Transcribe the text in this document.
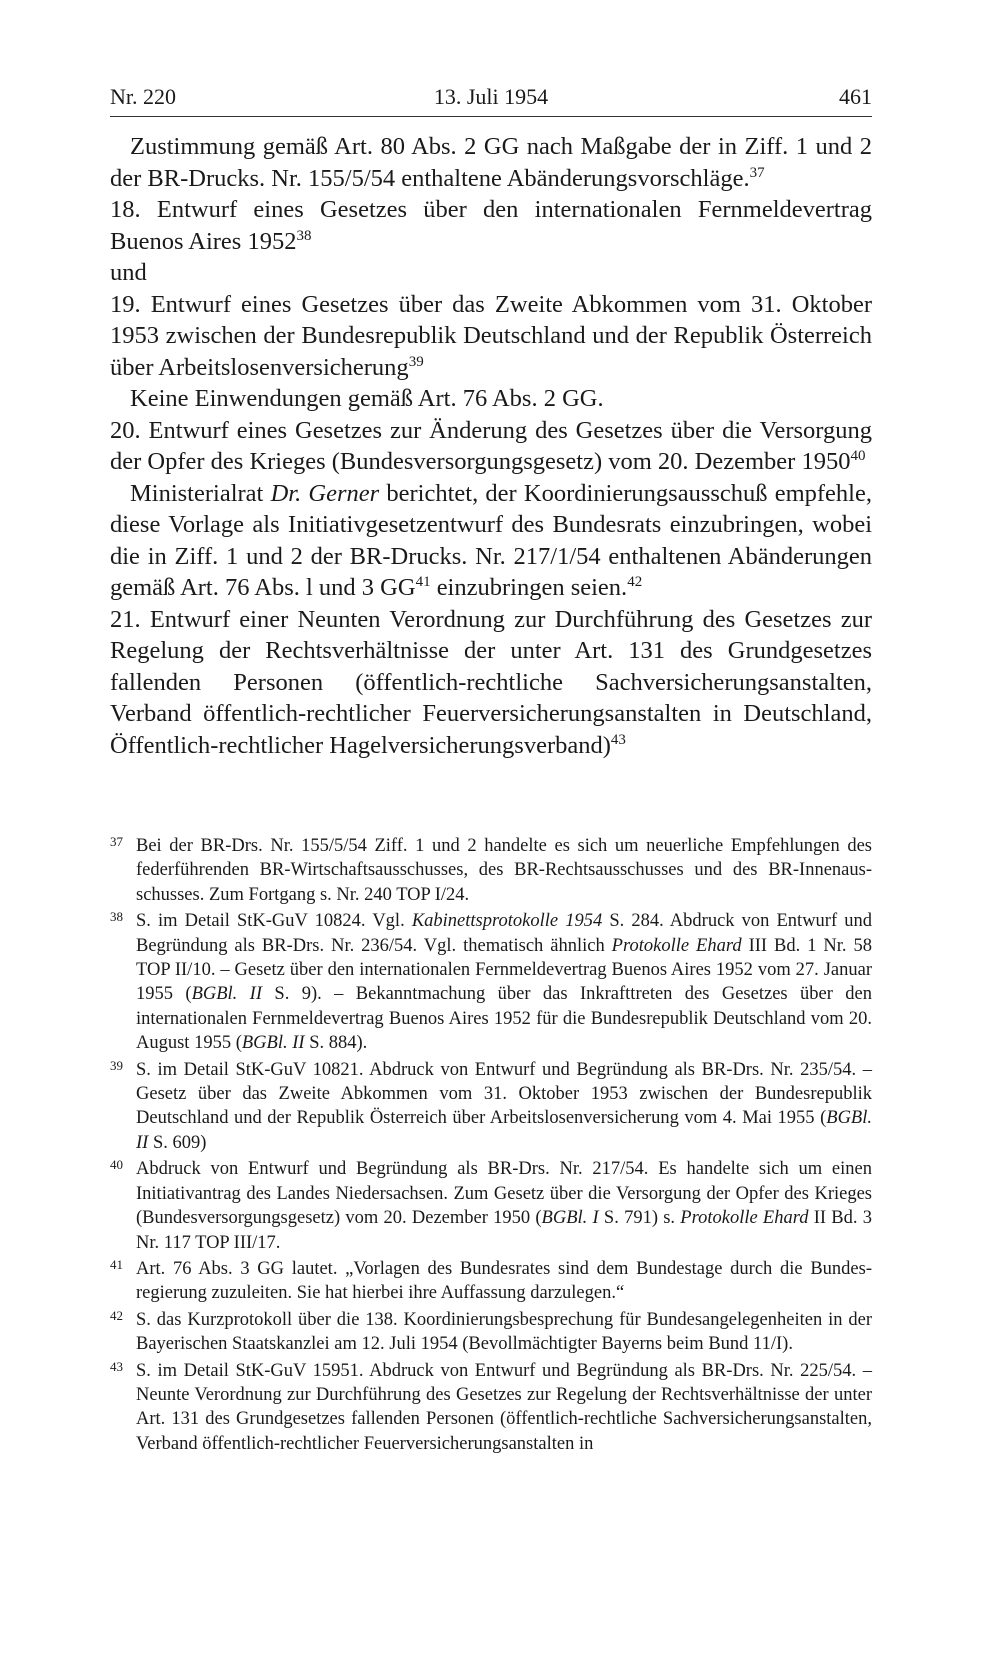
Nr. 220	13. Juli 1954	461

Zustimmung gemäß Art. 80 Abs. 2 GG nach Maßgabe der in Ziff. 1 und 2 der BR-Drucks. Nr. 155/5/54 enthaltene Abänderungsvorschläge.$^{37}$

18. Entwurf eines Gesetzes über den internationalen Fernmeldevertrag Buenos Aires 1952$^{38}$

und

19. Entwurf eines Gesetzes über das Zweite Abkommen vom 31. Oktober 1953 zwischen der Bundesrepublik Deutschland und der Republik Österreich über Arbeitslosenversicherung$^{39}$

Keine Einwendungen gemäß Art. 76 Abs. 2 GG.

20. Entwurf eines Gesetzes zur Änderung des Gesetzes über die Versorgung der Opfer des Krieges (Bundesversorgungsgesetz) vom 20. Dezember 1950$^{40}$

Ministerialrat Dr. Gerner berichtet, der Koordinierungsausschuß empfehle, diese Vorlage als Initiativgesetzentwurf des Bundesrats einzubringen, wobei die in Ziff. 1 und 2 der BR-Drucks. Nr. 217/1/54 enthaltenen Abänderungen gemäß Art. 76 Abs. l und 3 GG$^{41}$ einzubringen seien.$^{42}$

21. Entwurf einer Neunten Verordnung zur Durchführung des Gesetzes zur Regelung der Rechtsverhältnisse der unter Art. 131 des Grundgesetzes fallenden Personen (öffentlich-rechtliche Sachversicherungsanstalten, Verband öffentlich-rechtlicher Feuerversicherungsanstalten in Deutschland, Öffentlich-rechtlicher Hagelversicherungsverband)$^{43}$

37 Bei der BR-Drs. Nr. 155/5/54 Ziff. 1 und 2 handelte es sich um neuerliche Empfehlungen des federführenden BR-Wirtschaftsausschusses, des BR-Rechtsausschusses und des BR-Innenausschusses. Zum Fortgang s. Nr. 240 TOP I/24.
38 S. im Detail StK-GuV 10824. Vgl. Kabinettsprotokolle 1954 S. 284. Abdruck von Entwurf und Begründung als BR-Drs. Nr. 236/54. Vgl. thematisch ähnlich Protokolle Ehard III Bd. 1 Nr. 58 TOP II/10. – Gesetz über den internationalen Fernmeldevertrag Buenos Aires 1952 vom 27. Januar 1955 (BGBl. II S. 9). – Bekanntmachung über das Inkrafttreten des Gesetzes über den internationalen Fernmeldevertrag Buenos Aires 1952 für die Bundesrepublik Deutschland vom 20. August 1955 (BGBl. II S. 884).
39 S. im Detail StK-GuV 10821. Abdruck von Entwurf und Begründung als BR-Drs. Nr. 235/54. – Gesetz über das Zweite Abkommen vom 31. Oktober 1953 zwischen der Bundesrepublik Deutschland und der Republik Österreich über Arbeitslosenversicherung vom 4. Mai 1955 (BGBl. II S. 609)
40 Abdruck von Entwurf und Begründung als BR-Drs. Nr. 217/54. Es handelte sich um einen Initiativantrag des Landes Niedersachsen. Zum Gesetz über die Versorgung der Opfer des Krieges (Bundesversorgungsgesetz) vom 20. Dezember 1950 (BGBl. I S. 791) s. Protokolle Ehard II Bd. 3 Nr. 117 TOP III/17.
41 Art. 76 Abs. 3 GG lautet. „Vorlagen des Bundesrates sind dem Bundestage durch die Bundesregierung zuzuleiten. Sie hat hierbei ihre Auffassung darzulegen.“
42 S. das Kurzprotokoll über die 138. Koordinierungsbesprechung für Bundesangelegenheiten in der Bayerischen Staatskanzlei am 12. Juli 1954 (Bevollmächtigter Bayerns beim Bund 11/I).
43 S. im Detail StK-GuV 15951. Abdruck von Entwurf und Begründung als BR-Drs. Nr. 225/54. – Neunte Verordnung zur Durchführung des Gesetzes zur Regelung der Rechtsverhältnisse der unter Art. 131 des Grundgesetzes fallenden Personen (öffentlich-rechtliche Sachversicherungsanstalten, Verband öffentlich-rechtlicher Feuerversicherungsanstalten in
